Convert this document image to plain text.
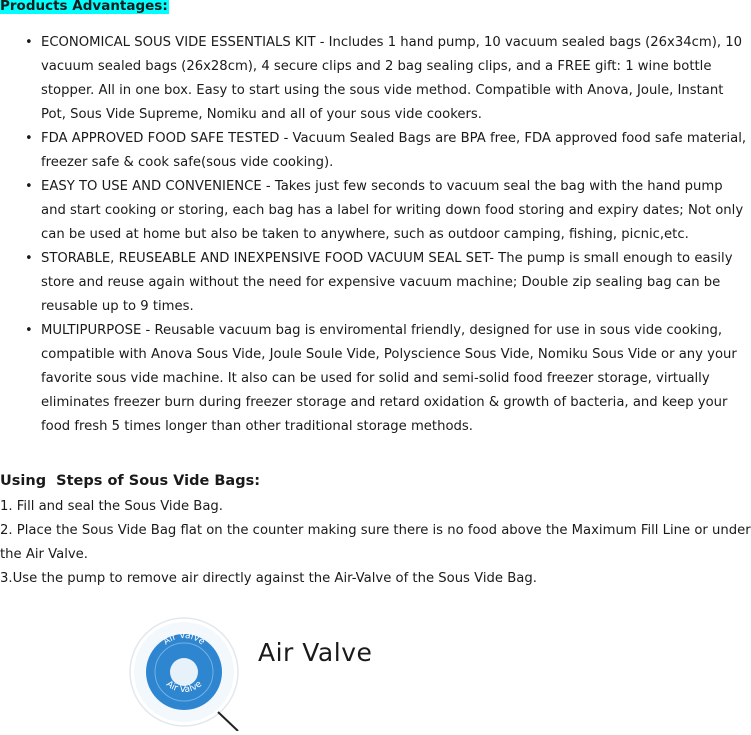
Products Advantages:
• ECONOMICAL SOUS VIDE ESSENTIALS KIT - Includes 1 hand pump, 10 vacuum sealed bags (26x34cm), 10 vacuum sealed bags (26x28cm), 4 secure clips and 2 bag sealing clips, and a FREE gift: 1 wine bottle stopper. All in one box. Easy to start using the sous vide method. Compatible with Anova, Joule, Instant Pot, Sous Vide Supreme, Nomiku and all of your sous vide cookers.
• FDA APPROVED FOOD SAFE TESTED - Vacuum Sealed Bags are BPA free, FDA approved food safe material, freezer safe & cook safe(sous vide cooking).
• EASY TO USE AND CONVENIENCE - Takes just few seconds to vacuum seal the bag with the hand pump and start cooking or storing, each bag has a label for writing down food storing and expiry dates; Not only can be used at home but also be taken to anywhere, such as outdoor camping, fishing, picnic,etc.
• STORABLE, REUSEABLE AND INEXPENSIVE FOOD VACUUM SEAL SET- The pump is small enough to easily store and reuse again without the need for expensive vacuum machine; Double zip sealing bag can be reusable up to 9 times.
• MULTIPURPOSE - Reusable vacuum bag is enviromental friendly, designed for use in sous vide cooking, compatible with Anova Sous Vide, Joule Soule Vide, Polyscience Sous Vide, Nomiku Sous Vide or any your favorite sous vide machine. It also can be used for solid and semi-solid food freezer storage, virtually eliminates freezer burn during freezer storage and retard oxidation & growth of bacteria, and keep your food fresh 5 times longer than other traditional storage methods.
Using  Steps of Sous Vide Bags:
1. Fill and seal the Sous Vide Bag.
2. Place the Sous Vide Bag flat on the counter making sure there is no food above the Maximum Fill Line or under the Air Valve.
3.Use the pump to remove air directly against the Air-Valve of the Sous Vide Bag.
Air Valve
Air Valve
Air Valve
